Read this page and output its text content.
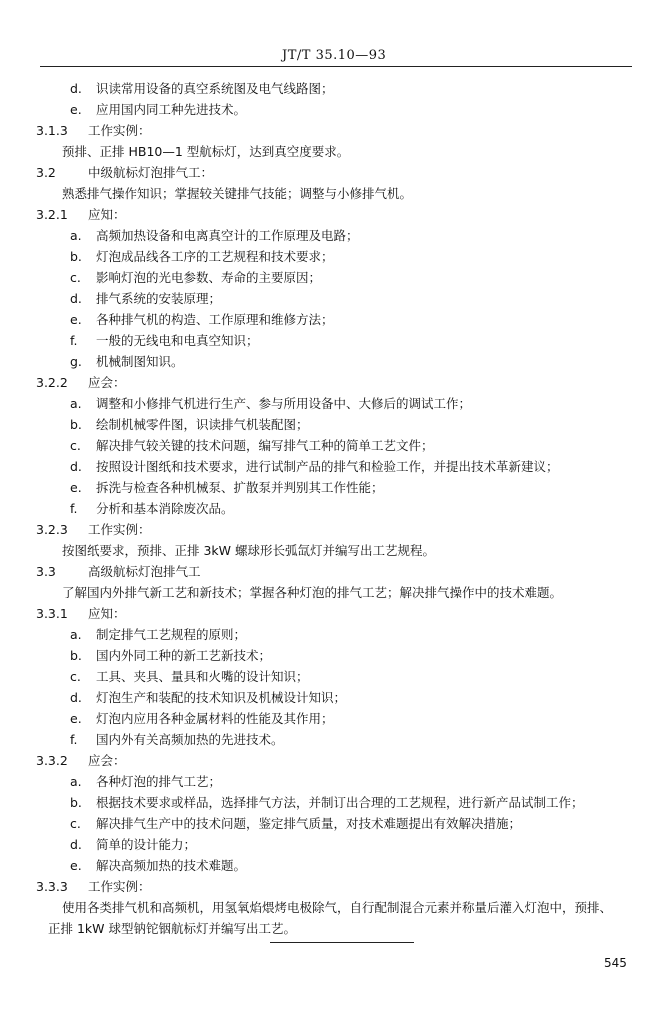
JT/T 35.10—93
d. 识读常用设备的真空系统图及电气线路图；
e. 应用国内同工种先进技术。
3.1.3 工作实例：
预排、正排 HB10—1 型航标灯，达到真空度要求。
3.2	中级航标灯泡排气工：
熟悉排气操作知识；掌握较关键排气技能；调整与小修排气机。
3.2.1 应知：
a. 高频加热设备和电离真空计的工作原理及电路；
b. 灯泡成品线各工序的工艺规程和技术要求；
c. 影响灯泡的光电参数、寿命的主要原因；
d. 排气系统的安装原理；
e. 各种排气机的构造、工作原理和维修方法；
f. 一般的无线电和电真空知识；
g. 机械制图知识。
3.2.2 应会：
a. 调整和小修排气机进行生产、参与所用设备中、大修后的调试工作；
b. 绘制机械零件图，识读排气机装配图；
c. 解决排气较关键的技术问题，编写排气工种的简单工艺文件；
d. 按照设计图纸和技术要求，进行试制产品的排气和检验工作，并提出技术革新建议；
e. 拆洗与检查各种机械泵、扩散泵并判别其工作性能；
f. 分析和基本消除废次品。
3.2.3 工作实例：
按图纸要求，预排、正排 3kW 螺球形长弧氙灯并编写出工艺规程。
3.3	高级航标灯泡排气工
了解国内外排气新工艺和新技术；掌握各种灯泡的排气工艺；解决排气操作中的技术难题。
3.3.1 应知：
a. 制定排气工艺规程的原则；
b. 国内外同工种的新工艺新技术；
c. 工具、夹具、量具和火嘴的设计知识；
d. 灯泡生产和装配的技术知识及机械设计知识；
e. 灯泡内应用各种金属材料的性能及其作用；
f. 国内外有关高频加热的先进技术。
3.3.2 应会：
a. 各种灯泡的排气工艺；
b. 根据技术要求或样品，选择排气方法，并制订出合理的工艺规程，进行新产品试制工作；
c. 解决排气生产中的技术问题，鉴定排气质量，对技术难题提出有效解决措施；
d. 简单的设计能力；
e. 解决高频加热的技术难题。
3.3.3 工作实例：
使用各类排气机和高频机，用氢氧焰煨烤电极除气，自行配制混合元素并称量后灌入灯泡中，预排、
正排 1kW 球型钠铊铟航标灯并编写出工艺。
545
